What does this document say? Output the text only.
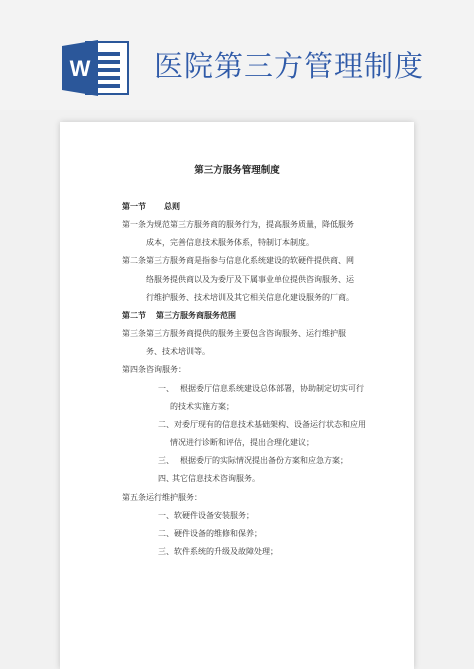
W 医院第三方管理制度
第三方服务管理制度
第一节 总则
第一条 为规范第三方服务商的服务行为，提高服务质量，降低服务
成本，完善信息技术服务体系，特制订本制度。
第二条 第三方服务商是指参与信息化系统建设的软硬件提供商、网
络服务提供商以及为委厅及下属事业单位提供咨询服务、运
行维护服务、技术培训及其它相关信息化建设服务的厂商。
第二节 第三方服务商服务范围
第三条 第三方服务商提供的服务主要包含咨询服务、运行维护服
务、技术培训等。
第四条咨询服务：
一、 根据委厅信息系统建设总体部署，协助制定切实可行
的技术实施方案；
二、对委厅现有的信息技术基础架构、设备运行状态和应用
情况进行诊断和评估，提出合理化建议；
三、 根据委厅的实际情况提出备份方案和应急方案；
四、
其它信息技术咨询服务。
第五条运行维护服务：
一、软硬件设备安装服务；
二、硬件设备的维修和保养；
三、软件系统的升级及故障处理；
